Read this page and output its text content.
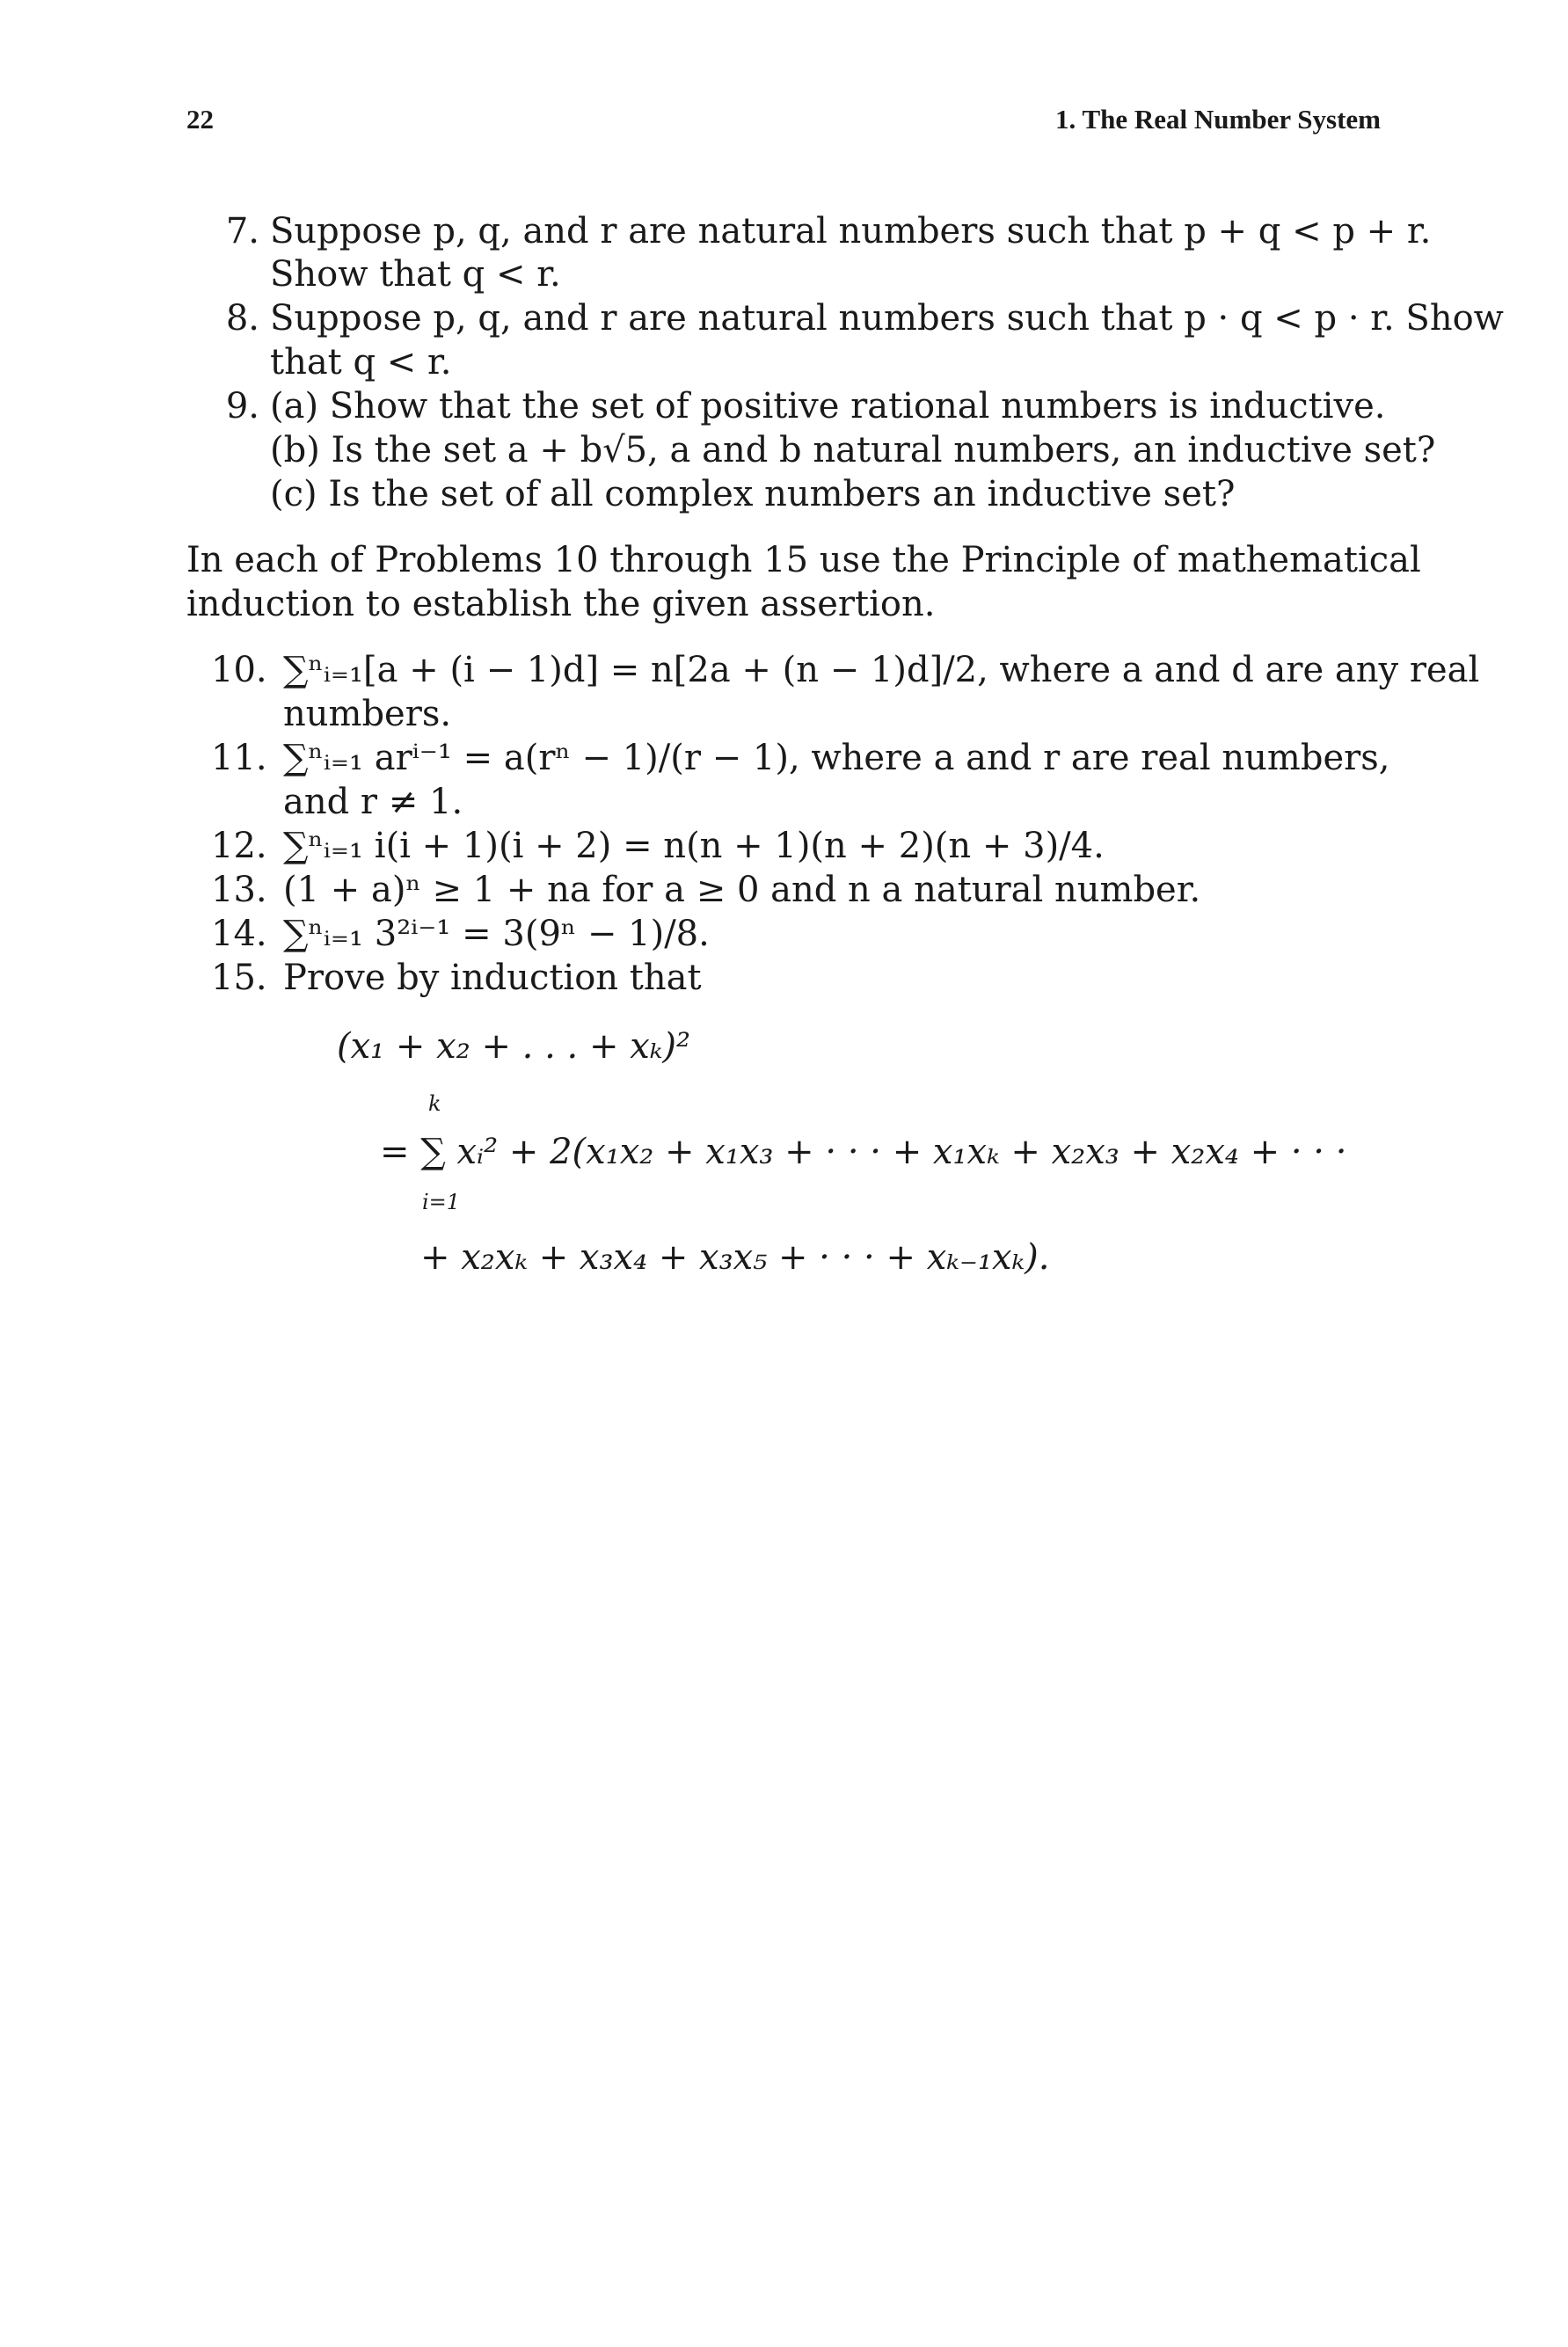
22	1. The Real Number System
7. Suppose p, q, and r are natural numbers such that p + q < p + r.
Show that q < r.
8. Suppose p, q, and r are natural numbers such that p · q < p · r. Show
that q < r.
9. (a) Show that the set of positive rational numbers is inductive.
(b) Is the set a + b√5, a and b natural numbers, an inductive set?
(c) Is the set of all complex numbers an inductive set?
In each of Problems 10 through 15 use the Principle of mathematical
induction to establish the given assertion.
10. ∑ⁿᵢ₌₁[a + (i − 1)d] = n[2a + (n − 1)d]/2, where a and d are any real
numbers.
11. ∑ⁿᵢ₌₁ arⁱ⁻¹ = a(rⁿ − 1)/(r − 1), where a and r are real numbers,
and r ≠ 1.
12. ∑ⁿᵢ₌₁ i(i + 1)(i + 2) = n(n + 1)(n + 2)(n + 3)/4.
13. (1 + a)ⁿ ≥ 1 + na for a ≥ 0 and n a natural number.
14. ∑ⁿᵢ₌₁ 3²ⁱ⁻¹ = 3(9ⁿ − 1)/8.
15. Prove by induction that
(x₁ + x₂ + . . . + xₖ)²
k
= ∑ xᵢ² + 2(x₁x₂ + x₁x₃ + · · · + x₁xₖ + x₂x₃ + x₂x₄ + · · ·
i=1
+ x₂xₖ + x₃x₄ + x₃x₅ + · · · + xₖ₋₁xₖ).
